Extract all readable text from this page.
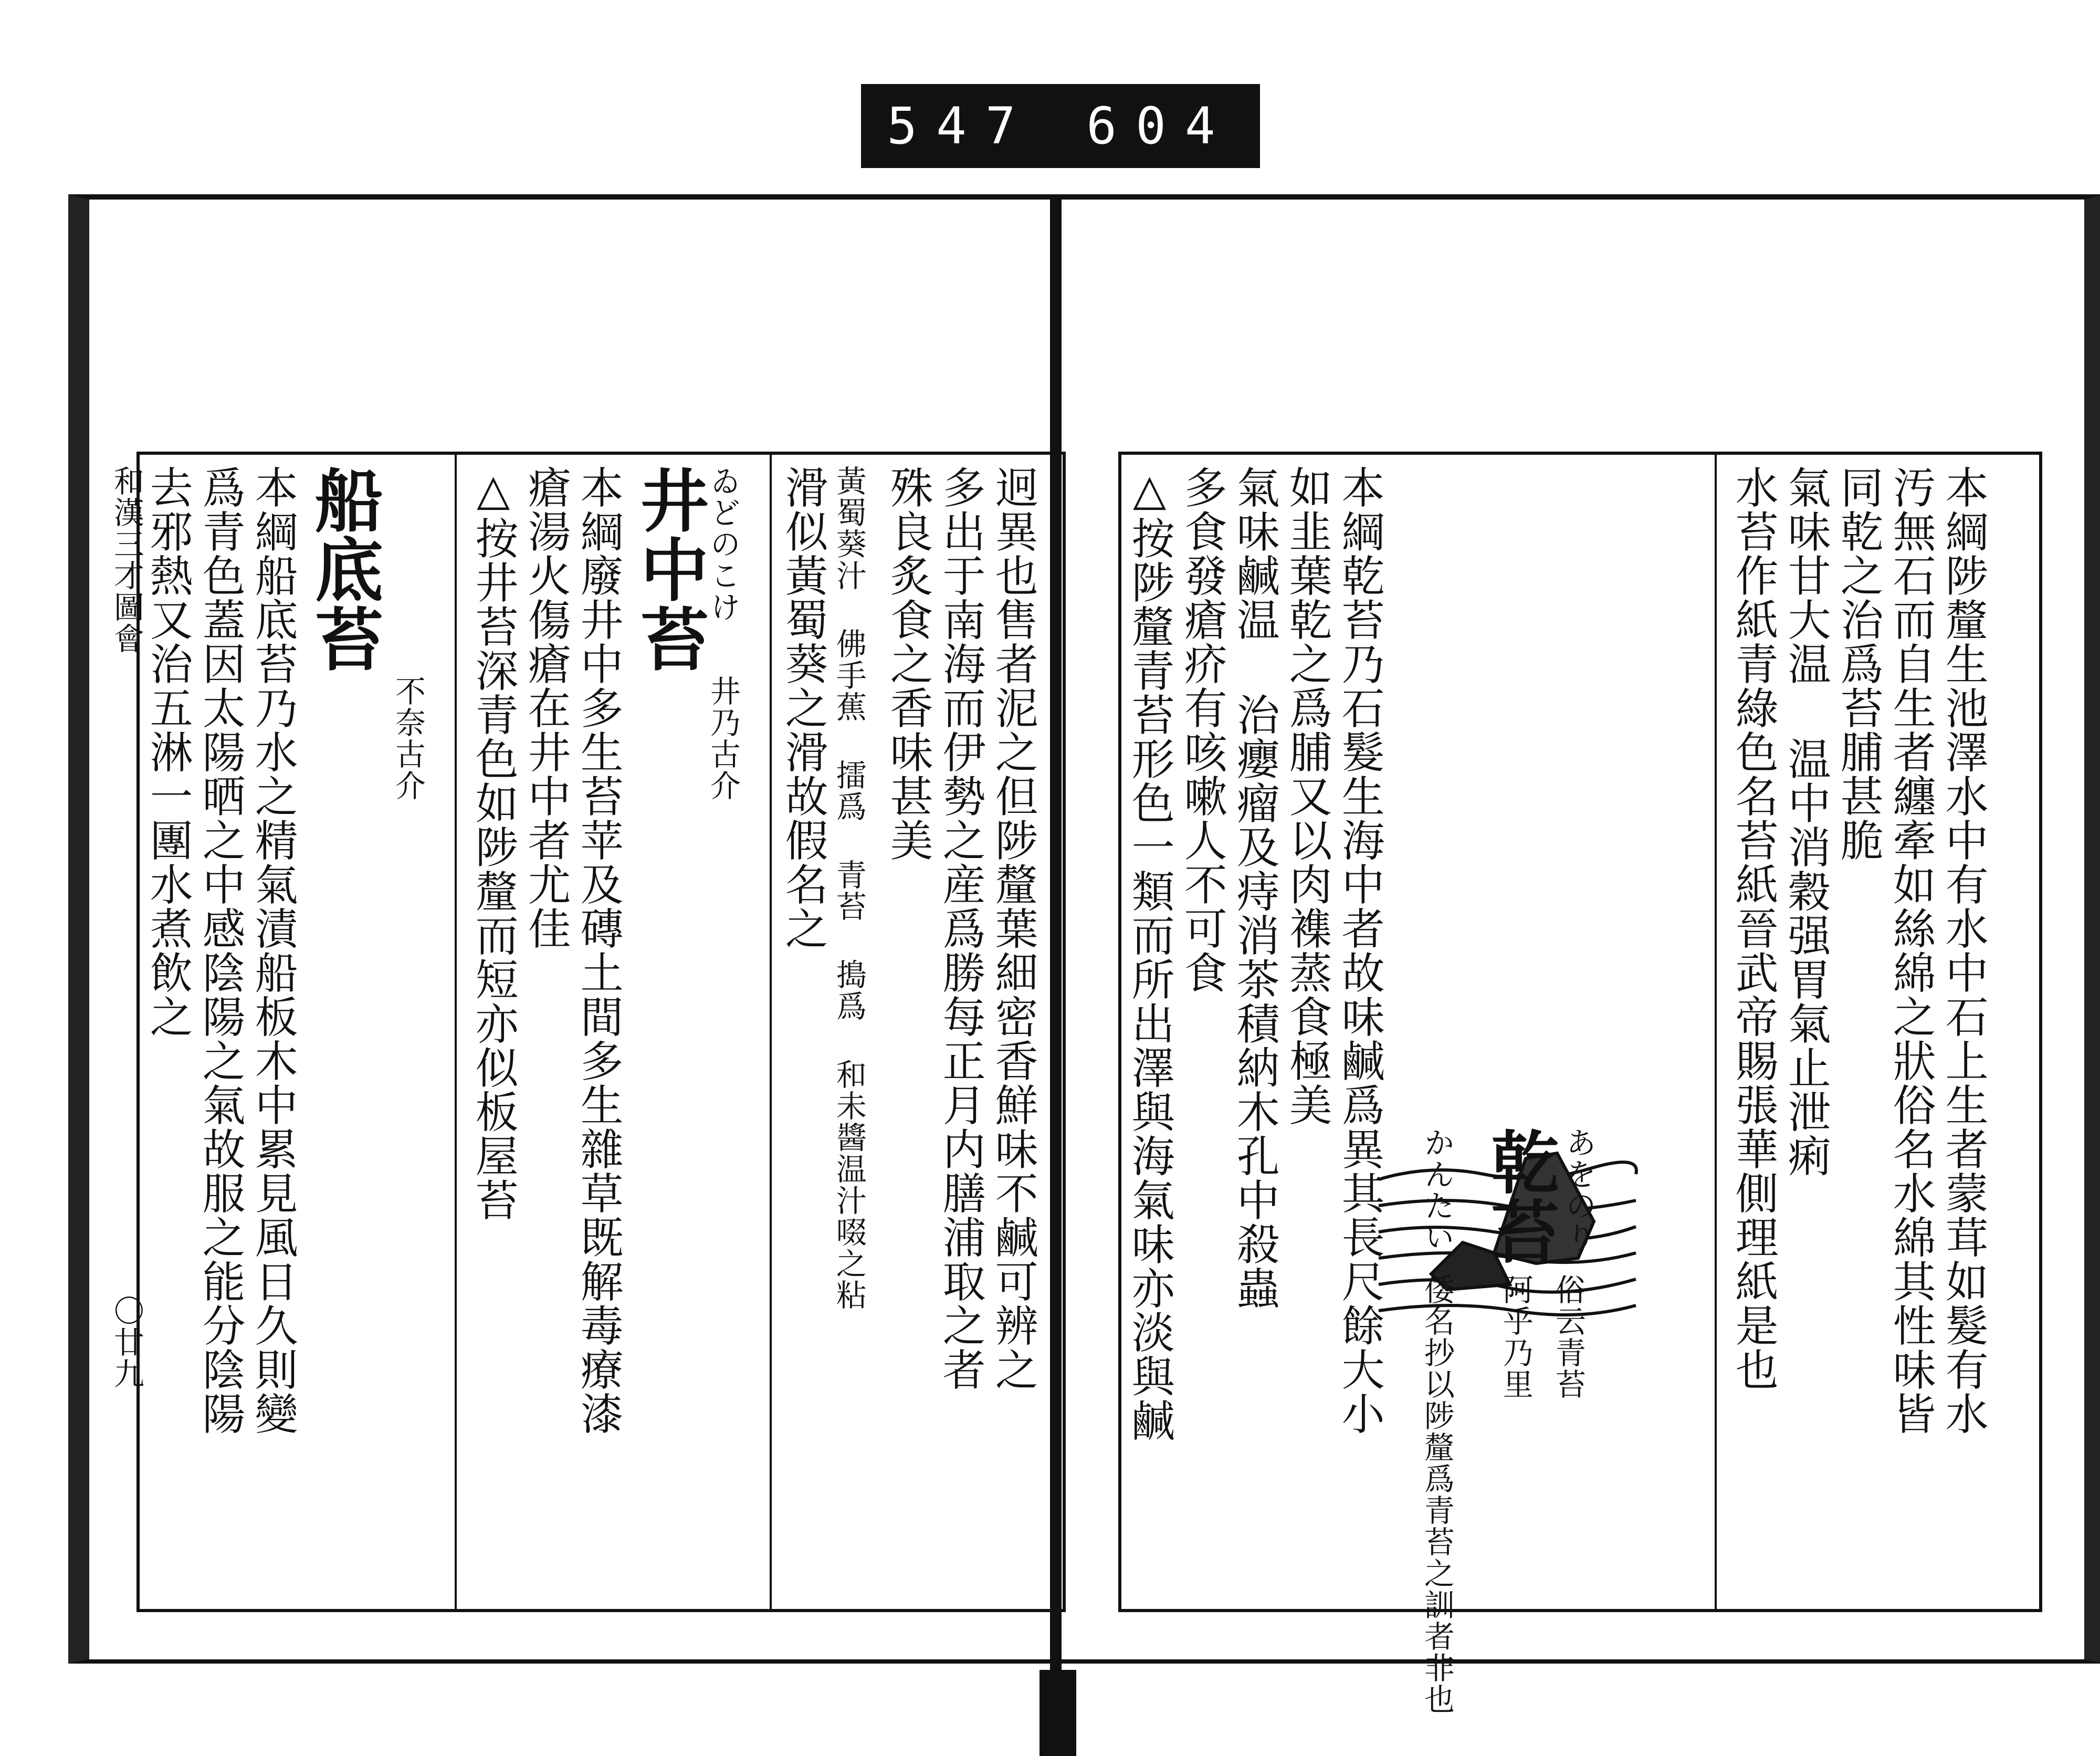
547 604
和漢三才圖會
〇廿九
去邪熱又治五淋一團水煮飲之 爲青色蓋因太陽晒之中感陰陽之氣故服之能分陰陽 本綱船底苔乃水之精氣漬船板木中累見風日久則變 船底苔
不奈古介 △按井苔深青色如陟釐而短亦似板屋苔 瘡湯火傷瘡在井中者尤佳 本綱廢井中多生苔苹及磚土間多生雜草既解毒療漆 井中苔
ゐどのこけ
井乃古介 滑似黃蜀葵之滑故假名之 黃蜀葵汁 佛手蕉 擂爲 青苔 搗爲 和未醬温汁啜之粘 殊良炙食之香味甚美 多出于南海而伊勢之産爲勝每正月内膳浦取之者 迥異也售者泥之但陟釐葉細密香鮮味不鹹可辨之 △按陟釐青苔形色一類而所出澤與海氣味亦淡與鹹 多食發瘡疥有咳嗽人不可食 氣味鹹温 治癭瘤及痔消茶積納木孔中殺蟲 如韭葉乾之爲脯又以肉襍蒸食極美 本綱乾苔乃石髮生海中者故味鹹爲異其長尺餘大小 かんたい 乾苔 あをのり
倭名抄以陟釐爲青苔之訓者非也 阿乎乃里 俗云青苔	水苔作紙青綠色名苔紙晉武帝賜張華側理紙是也 氣味甘大温 温中消穀强胃氣止泄痢 同乾之治爲苔脯甚脆 汚無石而自生者纏牽如絲綿之狀俗名水綿其性味皆 本綱陟釐生池澤水中有水中石上生者蒙茸如髮有水
